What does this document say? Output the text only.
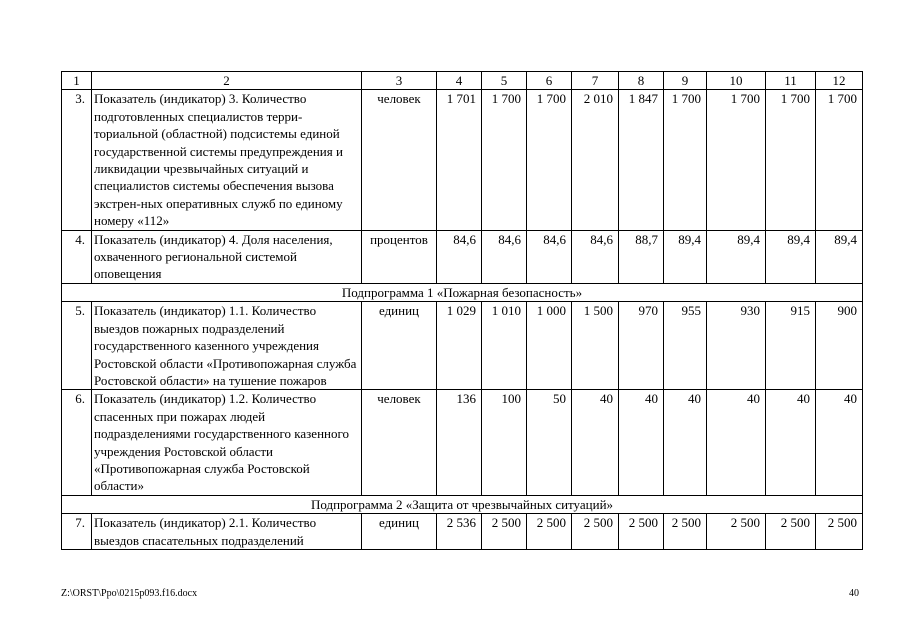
1	2	3	4	5	6	7	8	9	10	11	12
3.	Показатель (индикатор) 3. Количество подготовленных специалистов терри-ториальной (областной) подсистемы единой государственной системы предупреждения и ликвидации чрезвычайных ситуаций и специалистов системы обеспечения вызова экстрен-ных оперативных служб по единому номеру «112»	человек	1 701	1 700	1 700	2 010	1 847	1 700	1 700	1 700	1 700
4.	Показатель (индикатор) 4. Доля населения, охваченного региональной системой оповещения	процентов	84,6	84,6	84,6	84,6	88,7	89,4	89,4	89,4	89,4
Подпрограмма 1 «Пожарная безопасность»											
5.	Показатель (индикатор) 1.1. Количество выездов пожарных подразделений государственного казенного учреждения Ростовской области «Противопожарная служба Ростовской области» на тушение пожаров	единиц	1 029	1 010	1 000	1 500	970	955	930	915	900
6.	Показатель (индикатор) 1.2. Количество спасенных при пожарах людей подразделениями государственного казенного учреждения Ростовской области «Противопожарная служба Ростовской области»	человек	136	100	50	40	40	40	40	40	40
Подпрограмма 2 «Защита от чрезвычайных ситуаций»											
7.	Показатель (индикатор) 2.1. Количество выездов спасательных подразделений	единиц	2 536	2 500	2 500	2 500	2 500	2 500	2 500	2 500	2 500
Z:\ORST\Ppo\0215p093.f16.docx	40
